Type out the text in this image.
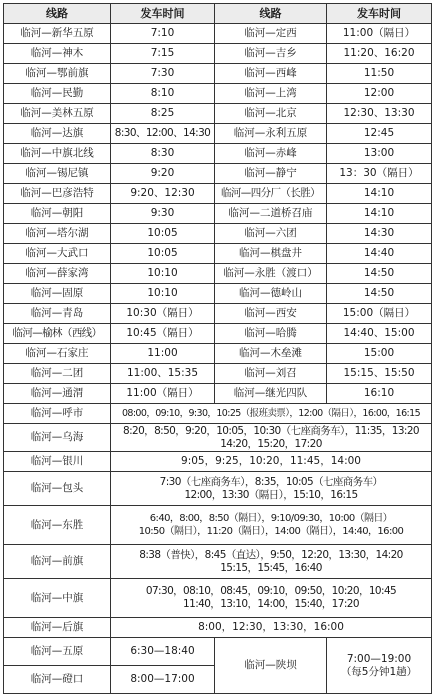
线路	发车时间	线路	发车时间
临河—新华五原	7:10	临河—定西	11:00（隔日）
临河—神木	7:15	临河—吉乡	11:20、16:20
临河—鄂前旗	7:30	临河—西峰	11:50
临河—民勤	8:10	临河—上湾	12:00
临河—美林五原	8:25	临河—北京	12:30、13:30
临河—达旗	8:30、12:00、14:30	临河—永利五原	12:45
临河—中旗北线	8:30	临河—赤峰	13:00
临河—锡尼镇	9:20	临河—静宁	13：30（隔日）
临河—巴彦浩特	9:20、12:30	临河—四分厂（长胜）	14:10
临河—朝阳	9:30	临河—二道桥召庙	14:10
临河—塔尔湖	10:05	临河—六团	14:30
临河—大武口	10:05	临河—棋盘井	14:40
临河—薛家湾	10:10	临河—永胜（渡口）	14:50
临河—固原	10:10	临河—德岭山	14:50
临河—青岛	10:30（隔日）	临河—西安	15:00（隔日）
临河—榆林（西线）	10:45（隔日）	临河—哈腾	14:40、15:00
临河—石家庄	11:00	临河—木垒滩	15:00
临河—二团	11:00、15:35	临河—刘召	15:15、15:50
临河—通渭	11:00（隔日）	临河—继光四队	16:10
临河—呼市	08:00，09:10，9:30，10:25（报班卖票），12:00（隔日），16:00，16:15		
临河—乌海	8:20，8:50，9:20，10:05，10:30（七座商务车），11:35，13:20
14:20，15:20，17:20		

临河—银川	9:05，9:25，10:20，11:45，14:00		
临河—包头	7:30（七座商务车），8:35，10:05（七座商务车）
12:00，13:30（隔日），15:10，16:15		

临河—东胜	6:40，8:00，8:50（隔日），9:10/09:30，10:00（隔日）
10:50（隔日），11:20（隔日），14:00（隔日），14:40，16:00		

临河—前旗	8:38（普快），8:45（直达），9:50，12:20，13:30，14:20
15:15，15:45，16:40		

临河—中旗	07:30，08:10，08:45，09:10，09:50，10:20，10:45
11:40，13:10，14:00，15:40，17:20		

临河—后旗	8:00，12:30，13:30，16:00		
临河—五原	6:30—18:40	临河—陕坝	7:00—19:00
（每5分钟1趟）

临河—磴口	8:00—17:00		
